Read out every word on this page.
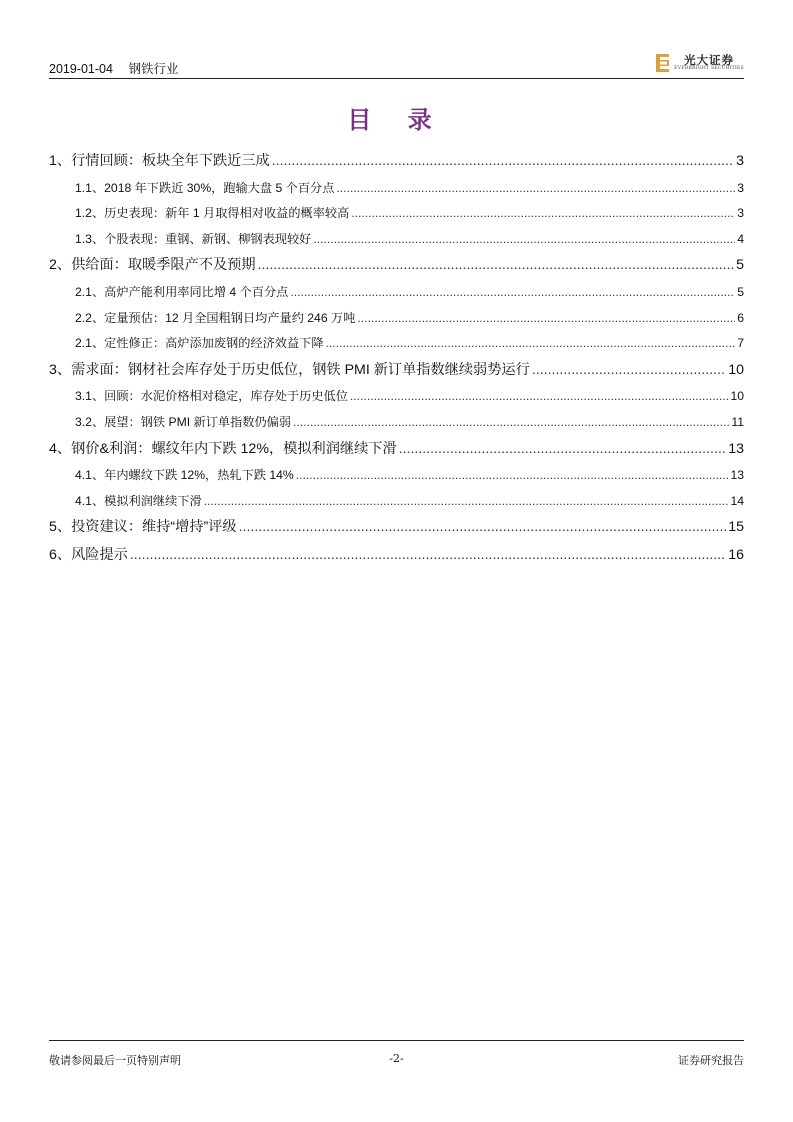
2019-01-04 钢铁行业
光大证券
EVERBRIGHT SECURITIES
目 录
1、 行情回顾：板块全年下跌近三成 .....	3
1.1、 2018 年下跌近 30%，跑输大盘 5 个百分点 .....	3
1.2、 历史表现：新年 1 月取得相对收益的概率较高 .....	3
1.3、 个股表现：重钢、新钢、柳钢表现较好 .....	4
2、 供给面：取暖季限产不及预期 .....	5
2.1、 高炉产能利用率同比增 4 个百分点 .....	5
2.2、 定量预估：12 月全国粗钢日均产量约 246 万吨 .....	6
2.1、 定性修正：高炉添加废钢的经济效益下降 .....	7
3、 需求面：钢材社会库存处于历史低位，钢铁 PMI 新订单指数继续弱势运行 .....	10
3.1、 回顾：水泥价格相对稳定，库存处于历史低位 .....	10
3.2、 展望：钢铁 PMI 新订单指数仍偏弱 .....	11
4、 钢价&利润：螺纹年内下跌 12%，模拟利润继续下滑 .....	13
4.1、 年内螺纹下跌 12%，热轧下跌 14% .....	13
4.1、 模拟利润继续下滑 .....	14
5、 投资建议：维持“增持”评级 .....	15
6、 风险提示 .....	16
敬请参阅最后一页特别声明	-2-	证券研究报告
